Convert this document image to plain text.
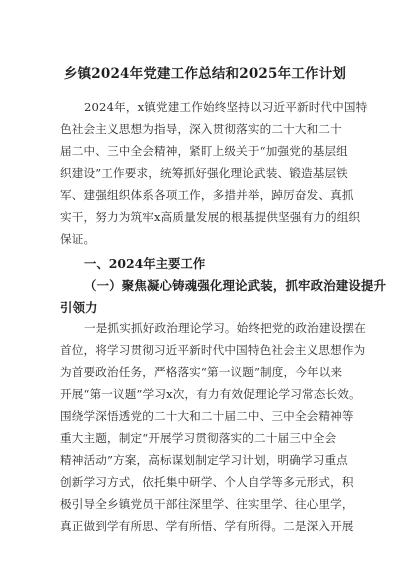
乡镇2024年党建工作总结和2025年工作计划
2024年，x镇党建工作始终坚持以习近平新时代中国特
色社会主义思想为指导，深入贯彻落实的二十大和二十
届二中、三中全会精神，紧盯上级关于“加强党的基层组
织建设”工作要求，统筹抓好强化理论武装、锻造基层铁
军、建强组织体系各项工作，多措并举，踔厉奋发、真抓
实干，努力为筑牢x高质量发展的根基提供坚强有力的组织
保证。
一、2024年主要工作
（一）聚焦凝心铸魂强化理论武装，抓牢政治建设提升
引领力
一是抓实抓好政治理论学习。始终把党的政治建设摆在
首位，将学习贯彻习近平新时代中国特色社会主义思想作为
为首要政治任务，严格落实“第一议题”制度，今年以来
开展“第一议题”学习x次，有力有效促理论学习常态长效。
围绕学深悟透党的二十大和二十届二中、三中全会精神等
重大主题，制定“开展学习贯彻落实的二十届三中全会
精神活动”方案，高标谋划制定学习计划，明确学习重点
创新学习方式，依托集中研学、个人自学等多元形式，积
极引导全乡镇党员干部往深里学、往实里学、往心里学，
真正做到学有所思、学有所悟、学有所得。二是深入开展
